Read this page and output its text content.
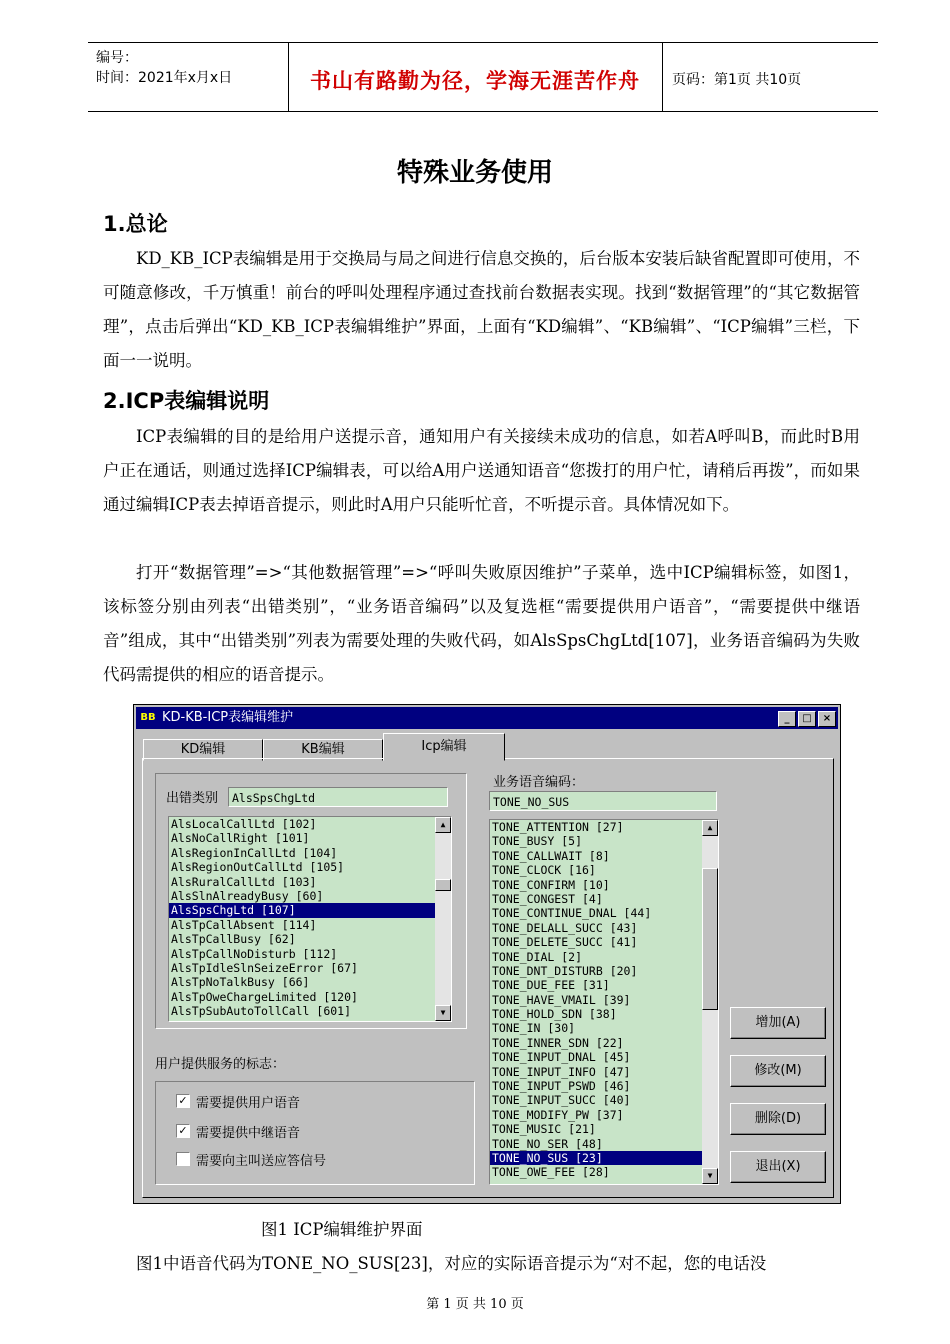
编号：
时间：2021年x月x日	书山有路勤为径，学海无涯苦作舟	页码：第1页 共10页
特殊业务使用
1.总论

KD_KB_ICP表编辑是用于交换局与局之间进行信息交换的，后台版本安装后缺省配置即可使用，不可随意修改，千万慎重！前台的呼叫处理程序通过查找前台数据表实现。找到“数据管理”的“其它数据管理”，点击后弹出“KD_KB_ICP表编辑维护”界面，上面有“KD编辑”、“KB编辑”、“ICP编辑”三栏，下面一一说明。

2.ICP表编辑说明

ICP表编辑的目的是给用户送提示音，通知用户有关接续未成功的信息，如若A呼叫B，而此时B用户正在通话，则通过选择ICP编辑表，可以给A用户送通知语音“您拨打的用户忙，请稍后再拨”，而如果通过编辑ICP表去掉语音提示，则此时A用户只能听忙音，不听提示音。具体情况如下。

打开“数据管理”=>“其他数据管理”=>“呼叫失败原因维护”子菜单，选中ICP编辑标签，如图1，该标签分别由列表“出错类别”，“业务语音编码”以及复选框“需要提供用户语音”，“需要提供中继语音”组成，其中“出错类别”列表为需要处理的失败代码，如AlsSpsChgLtd[107]，业务语音编码为失败代码需提供的相应的语音提示。

BB KD-KB-ICP表编辑维护	_	□	×
KD编辑	KB编辑	Icp编辑
出错类别	AlsSpsChgLtd
AlsLocalCallLtd [102]
AlsNoCallRight [101]
AlsRegionInCallLtd [104]
AlsRegionOutCallLtd [105]
AlsRuralCallLtd [103]
AlsSlnAlreadyBusy [60]
AlsSpsChgLtd [107]
AlsTpCallAbsent [114]
AlsTpCallBusy [62]
AlsTpCallNoDisturb [112]
AlsTpIdleSlnSeizeError [67]
AlsTpNoTalkBusy [66]
AlsTpOweChargeLimited [120]
AlsTpSubAutoTollCall [601]
▲
▼
业务语音编码：
TONE_NO_SUS
TONE_ATTENTION [27]
TONE_BUSY [5]
TONE_CALLWAIT [8]
TONE_CLOCK [16]
TONE_CONFIRM [10]
TONE_CONGEST [4]
TONE_CONTINUE_DNAL [44]
TONE_DELALL_SUCC [43]
TONE_DELETE_SUCC [41]
TONE_DIAL [2]
TONE_DNT_DISTURB [20]
TONE_DUE_FEE [31]
TONE_HAVE_VMAIL [39]
TONE_HOLD_SDN [38]
TONE_IN [30]
TONE_INNER_SDN [22]
TONE_INPUT_DNAL [45]
TONE_INPUT_INFO [47]
TONE_INPUT_PSWD [46]
TONE_INPUT_SUCC [40]
TONE_MODIFY_PW [37]
TONE_MUSIC [21]
TONE_NO_SER [48]
TONE_NO_SUS [23]
TONE_OWE_FEE [28]
▲
▼
用户提供服务的标志：
✓ 需要提供用户语音
✓ 需要提供中继语音
需要向主叫送应答信号
增加(A)
修改(M)
删除(D)
退出(X)

图1 ICP编辑维护界面

图1中语音代码为TONE_NO_SUS[23]，对应的实际语音提示为“对不起，您的电话没

第 1 页 共 10 页
